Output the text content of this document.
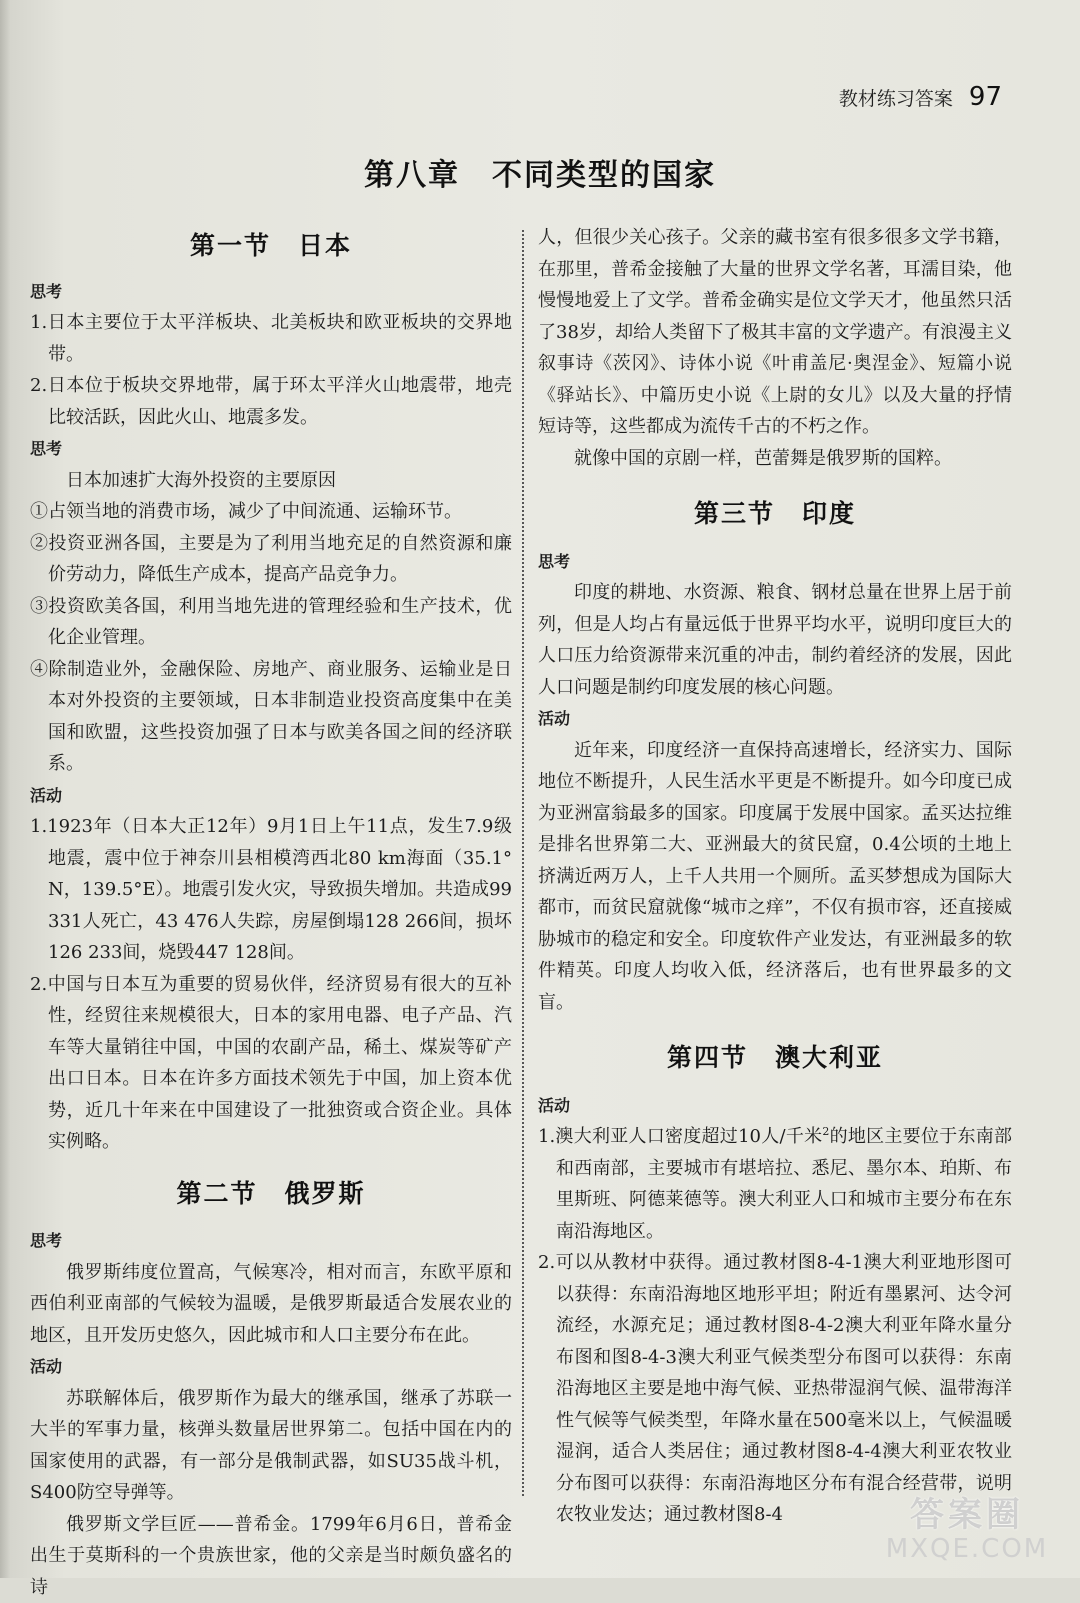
教材练习答案 97
第八章　不同类型的国家
第一节　日本

思考

1.日本主要位于太平洋板块、北美板块和欧亚板块的交界地带。

2.日本位于板块交界地带，属于环太平洋火山地震带，地壳比较活跃，因此火山、地震多发。

思考

日本加速扩大海外投资的主要原因

①占领当地的消费市场，减少了中间流通、运输环节。

②投资亚洲各国，主要是为了利用当地充足的自然资源和廉价劳动力，降低生产成本，提高产品竞争力。

③投资欧美各国，利用当地先进的管理经验和生产技术，优化企业管理。

④除制造业外，金融保险、房地产、商业服务、运输业是日本对外投资的主要领域，日本非制造业投资高度集中在美国和欧盟，这些投资加强了日本与欧美各国之间的经济联系。

活动

1.1923年（日本大正12年）9月1日上午11点，发生7.9级地震，震中位于神奈川县相模湾西北80 km海面（35.1° N，139.5°E）。地震引发火灾，导致损失增加。共造成99 331人死亡，43 476人失踪，房屋倒塌128 266间，损坏126 233间，烧毁447 128间。

2.中国与日本互为重要的贸易伙伴，经济贸易有很大的互补性，经贸往来规模很大，日本的家用电器、电子产品、汽车等大量销往中国，中国的农副产品，稀土、煤炭等矿产出口日本。日本在许多方面技术领先于中国，加上资本优势，近几十年来在中国建设了一批独资或合资企业。具体实例略。

第二节　俄罗斯

思考

俄罗斯纬度位置高，气候寒冷，相对而言，东欧平原和西伯利亚南部的气候较为温暖，是俄罗斯最适合发展农业的地区，且开发历史悠久，因此城市和人口主要分布在此。

活动

苏联解体后，俄罗斯作为最大的继承国，继承了苏联一大半的军事力量，核弹头数量居世界第二。包括中国在内的国家使用的武器，有一部分是俄制武器，如SU35战斗机，S400防空导弹等。

俄罗斯文学巨匠——普希金。1799年6月6日，普希金出生于莫斯科的一个贵族世家，他的父亲是当时颇负盛名的诗

人，但很少关心孩子。父亲的藏书室有很多很多文学书籍，在那里，普希金接触了大量的世界文学名著，耳濡目染，他慢慢地爱上了文学。普希金确实是位文学天才，他虽然只活了38岁，却给人类留下了极其丰富的文学遗产。有浪漫主义叙事诗《茨冈》、诗体小说《叶甫盖尼·奥涅金》、短篇小说《驿站长》、中篇历史小说《上尉的女儿》以及大量的抒情短诗等，这些都成为流传千古的不朽之作。

就像中国的京剧一样，芭蕾舞是俄罗斯的国粹。

第三节　印度

思考

印度的耕地、水资源、粮食、钢材总量在世界上居于前列，但是人均占有量远低于世界平均水平，说明印度巨大的人口压力给资源带来沉重的冲击，制约着经济的发展，因此人口问题是制约印度发展的核心问题。

活动

近年来，印度经济一直保持高速增长，经济实力、国际地位不断提升，人民生活水平更是不断提升。如今印度已成为亚洲富翁最多的国家。印度属于发展中国家。孟买达拉维是排名世界第二大、亚洲最大的贫民窟，0.4公顷的土地上挤满近两万人，上千人共用一个厕所。孟买梦想成为国际大都市，而贫民窟就像“城市之痒”，不仅有损市容，还直接威胁城市的稳定和安全。印度软件产业发达，有亚洲最多的软件精英。印度人均收入低，经济落后，也有世界最多的文盲。

第四节　澳大利亚

活动

1.澳大利亚人口密度超过10人/千米$^2$的地区主要位于东南部和西南部，主要城市有堪培拉、悉尼、墨尔本、珀斯、布里斯班、阿德莱德等。澳大利亚人口和城市主要分布在东南沿海地区。

2.可以从教材中获得。通过教材图8-4-1澳大利亚地形图可以获得：东南沿海地区地形平坦；附近有墨累河、达令河流经，水源充足；通过教材图8-4-2澳大利亚年降水量分布图和图8-4-3澳大利亚气候类型分布图可以获得：东南沿海地区主要是地中海气候、亚热带湿润气候、温带海洋性气候等气候类型，年降水量在500毫米以上，气候温暖湿润，适合人类居住；通过教材图8-4-4澳大利亚农牧业分布图可以获得：东南沿海地区分布有混合经营带，说明农牧业发达；通过教材图8-4	答案圈
MXQE.COM
